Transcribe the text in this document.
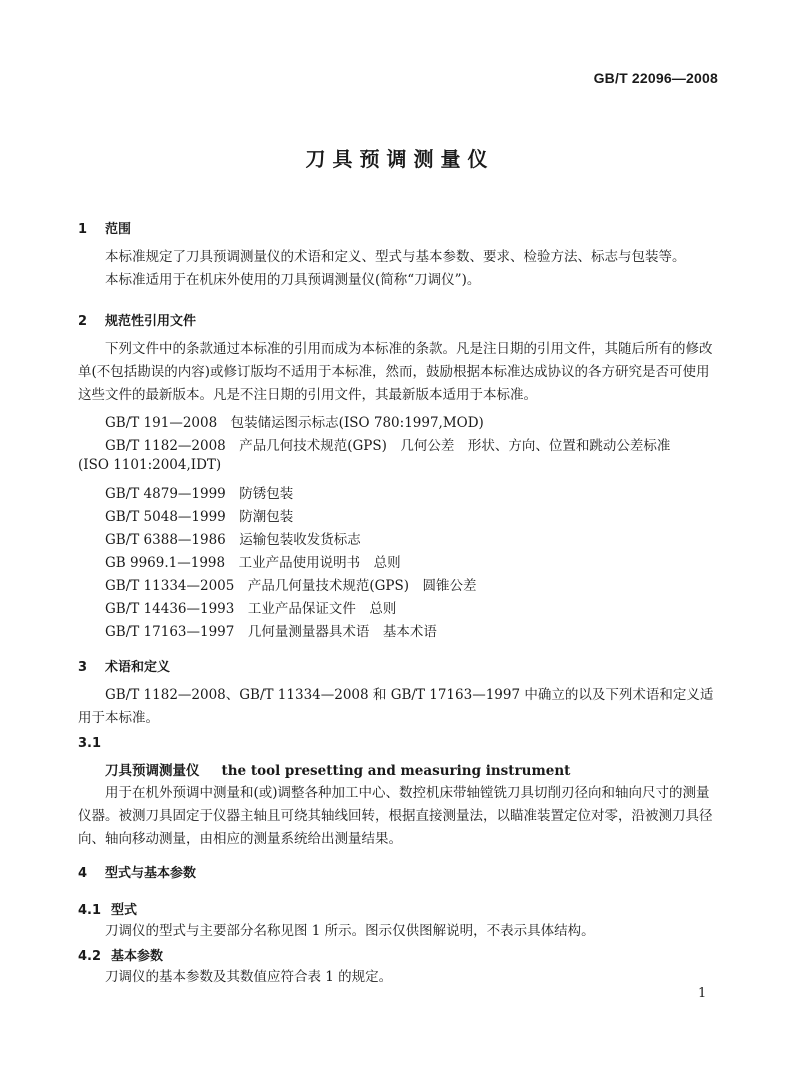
GB/T 22096—2008
刀具预调测量仪
1 范围
本标准规定了刀具预调测量仪的术语和定义、型式与基本参数、要求、检验方法、标志与包装等。
本标准适用于在机床外使用的刀具预调测量仪(简称“刀调仪”)。
2 规范性引用文件
下列文件中的条款通过本标准的引用而成为本标准的条款。凡是注日期的引用文件，其随后所有的修改单(不包括勘误的内容)或修订版均不适用于本标准，然而，鼓励根据本标准达成协议的各方研究是否可使用这些文件的最新版本。凡是不注日期的引用文件，其最新版本适用于本标准。
GB/T 191—2008　包装储运图示标志(ISO 780:1997,MOD)
GB/T 1182—2008　产品几何技术规范(GPS)　几何公差　形状、方向、位置和跳动公差标准
(ISO 1101:2004,IDT)
GB/T 4879—1999　防锈包装
GB/T 5048—1999　防潮包装
GB/T 6388—1986　运输包装收发货标志
GB 9969.1—1998　工业产品使用说明书　总则
GB/T 11334—2005　产品几何量技术规范(GPS)　圆锥公差
GB/T 14436—1993　工业产品保证文件　总则
GB/T 17163—1997　几何量测量器具术语　基本术语
3 术语和定义
GB/T 1182—2008、GB/T 11334—2008 和 GB/T 17163—1997 中确立的以及下列术语和定义适用于本标准。
3.1
刀具预调测量仪 the tool presetting and measuring instrument
用于在机外预调中测量和(或)调整各种加工中心、数控机床带轴镗铣刀具切削刃径向和轴向尺寸的测量仪器。被测刀具固定于仪器主轴且可绕其轴线回转，根据直接测量法，以瞄准装置定位对零，沿被测刀具径向、轴向移动测量，由相应的测量系统给出测量结果。
4 型式与基本参数
4.1 型式
刀调仪的型式与主要部分名称见图 1 所示。图示仅供图解说明，不表示具体结构。
4.2 基本参数
刀调仪的基本参数及其数值应符合表 1 的规定。
1
